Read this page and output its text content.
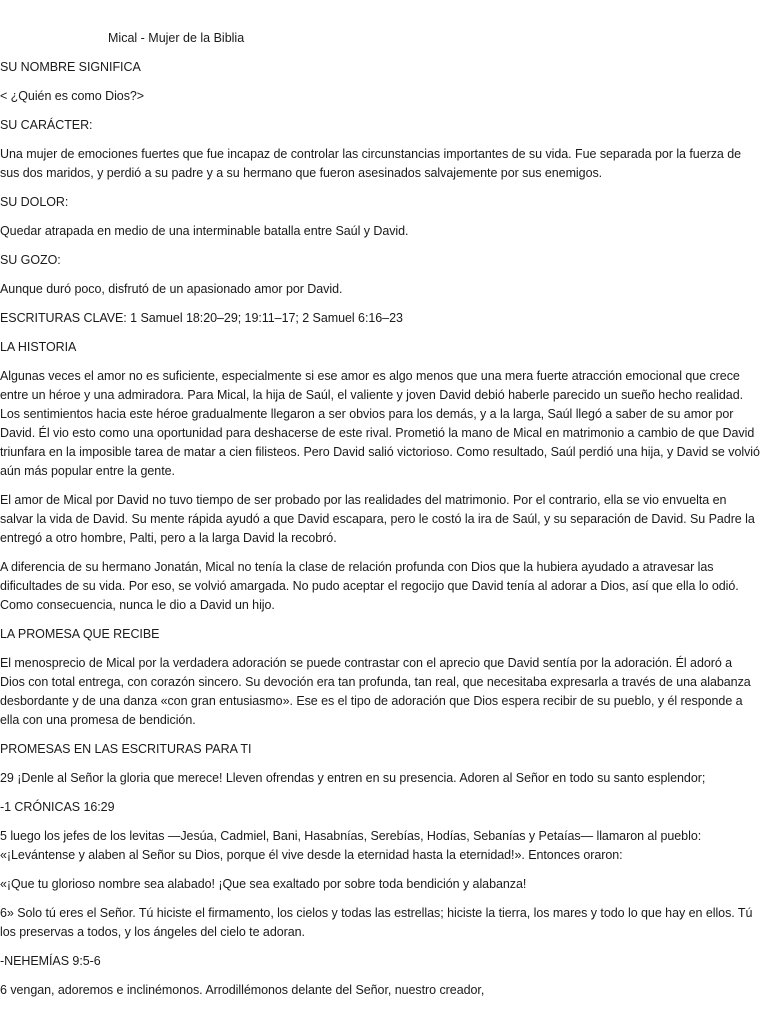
Mical - Mujer de la Biblia

SU NOMBRE SIGNIFICA

< ¿Quién es como Dios?>

SU CARÁCTER:

Una mujer de emociones fuertes que fue incapaz de controlar las circunstancias importantes de su vida. Fue separada por la fuerza de sus dos maridos, y perdió a su padre y a su hermano que fueron asesinados salvajemente por sus enemigos.

SU DOLOR:

Quedar atrapada en medio de una interminable batalla entre Saúl y David.

SU GOZO:

Aunque duró poco, disfrutó de un apasionado amor por David.

ESCRITURAS CLAVE: 1 Samuel 18:20–29; 19:11–17; 2 Samuel 6:16–23

LA HISTORIA

Algunas veces el amor no es suficiente, especialmente si ese amor es algo menos que una mera fuerte atracción emocional que crece entre un héroe y una admiradora. Para Mical, la hija de Saúl, el valiente y joven David debió haberle parecido un sueño hecho realidad. Los sentimientos hacia este héroe gradualmente llegaron a ser obvios para los demás, y a la larga, Saúl llegó a saber de su amor por David. Él vio esto como una oportunidad para deshacerse de este rival. Prometió la mano de Mical en matrimonio a cambio de que David triunfara en la imposible tarea de matar a cien filisteos. Pero David salió victorioso. Como resultado, Saúl perdió una hija, y David se volvió aún más popular entre la gente.

El amor de Mical por David no tuvo tiempo de ser probado por las realidades del matrimonio. Por el contrario, ella se vio envuelta en salvar la vida de David. Su mente rápida ayudó a que David escapara, pero le costó la ira de Saúl, y su separación de David. Su Padre la entregó a otro hombre, Palti, pero a la larga David la recobró.

A diferencia de su hermano Jonatán, Mical no tenía la clase de relación profunda con Dios que la hubiera ayudado a atravesar las dificultades de su vida. Por eso, se volvió amargada. No pudo aceptar el regocijo que David tenía al adorar a Dios, así que ella lo odió. Como consecuencia, nunca le dio a David un hijo.

LA PROMESA QUE RECIBE

El menosprecio de Mical por la verdadera adoración se puede contrastar con el aprecio que David sentía por la adoración. Él adoró a Dios con total entrega, con corazón sincero. Su devoción era tan profunda, tan real, que necesitaba expresarla a través de una alabanza desbordante y de una danza «con gran entusiasmo». Ese es el tipo de adoración que Dios espera recibir de su pueblo, y él responde a ella con una promesa de bendición.

PROMESAS EN LAS ESCRITURAS PARA TI

29 ¡Denle al Señor la gloria que merece! Lleven ofrendas y entren en su presencia. Adoren al Señor en todo su santo esplendor;

-1 CRÓNICAS 16:29

5 luego los jefes de los levitas —Jesúa, Cadmiel, Bani, Hasabnías, Serebías, Hodías, Sebanías y Petaías— llamaron al pueblo: «¡Levántense y alaben al Señor su Dios, porque él vive desde la eternidad hasta la eternidad!». Entonces oraron:

«¡Que tu glorioso nombre sea alabado! ¡Que sea exaltado por sobre toda bendición y alabanza!

6» Solo tú eres el Señor. Tú hiciste el firmamento, los cielos y todas las estrellas; hiciste la tierra, los mares y todo lo que hay en ellos. Tú los preservas a todos, y los ángeles del cielo te adoran.

-NEHEMÍAS 9:5-6

6 vengan, adoremos e inclinémonos. Arrodillémonos delante del Señor, nuestro creador,
